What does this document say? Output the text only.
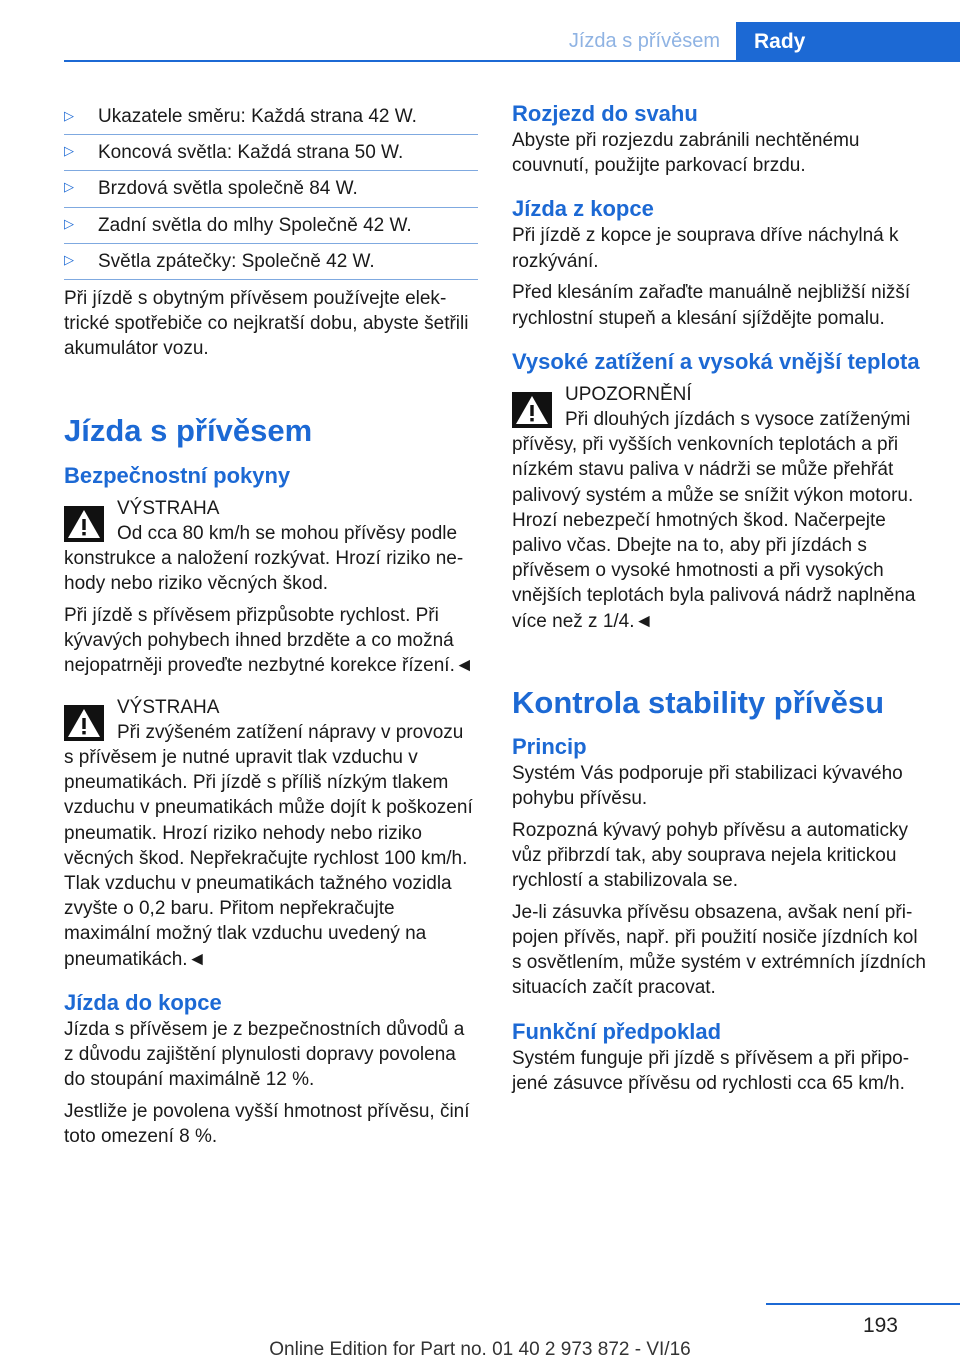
Jízda s přívěsem	Rady
▷ Ukazatele směru: Každá strana 42 W.
▷ Koncová světla: Každá strana 50 W.
▷ Brzdová světla společně 84 W.
▷ Zadní světla do mlhy Společně 42 W.
▷ Světla zpátečky: Společně 42 W.

Při jízdě s obytným přívěsem používejte elektrické spotřebiče co nejkratší dobu, abyste šetřili akumulátor vozu.

Jízda s přívěsem
Bezpečnostní pokyny
VÝSTRAHA

Od cca 80 km/h se mohou přívěsy podle konstrukce a naložení rozkývat. Hrozí riziko nehody nebo riziko věcných škod.

Při jízdě s přívěsem přizpůsobte rychlost. Při kývavých pohybech ihned brzděte a co možná nejopatrněji proveďte nezbytné korekce řízení.◄

VÝSTRAHA

Při zvýšeném zatížení nápravy v provozu s přívěsem je nutné upravit tlak vzduchu v pneumatikách. Při jízdě s příliš nízkým tlakem vzduchu v pneumatikách může dojít k poškození pneumatik. Hrozí riziko nehody nebo riziko věcných škod. Nepřekračujte rychlost 100 km/h. Tlak vzduchu v pneumatikách tažného vozidla zvyšte o 0,2 baru. Přitom nepřekračujte maximální možný tlak vzduchu uvedený na pneumatikách.◄

Jízda do kopce

Jízda s přívěsem je z bezpečnostních důvodů a z důvodu zajištění plynulosti dopravy povolena do stoupání maximálně 12 %.

Jestliže je povolena vyšší hmotnost přívěsu, činí toto omezení 8 %.

Rozjezd do svahu

Abyste při rozjezdu zabránili nechtěnému couvnutí, použijte parkovací brzdu.

Jízda z kopce

Při jízdě z kopce je souprava dříve náchylná k rozkývání.

Před klesáním zařaďte manuálně nejbližší nižší rychlostní stupeň a klesání sjíždějte pomalu.

Vysoké zatížení a vysoká vnější teplota
UPOZORNĚNÍ

Při dlouhých jízdách s vysoce zatíženými přívěsy, při vyšších venkovních teplotách a při nízkém stavu paliva v nádrži se může přehřát palivový systém a může se snížit výkon motoru. Hrozí nebezpečí hmotných škod. Načerpejte palivo včas. Dbejte na to, aby při jízdách s přívěsem o vysoké hmotnosti a při vysokých vnějších teplotách byla palivová nádrž naplněna více než z 1/4.◄

Kontrola stability přívěsu
Princip

Systém Vás podporuje při stabilizaci kývavého pohybu přívěsu.

Rozpozná kývavý pohyb přívěsu a automaticky vůz přibrzdí tak, aby souprava nejela kritickou rychlostí a stabilizovala se.

Je-li zásuvka přívěsu obsazena, avšak není připojen přívěs, např. při použití nosiče jízdních kol s osvětlením, může systém v extrémních jízdních situacích začít pracovat.

Funkční předpoklad

Systém funguje při jízdě s přívěsem a při připojené zásuvce přívěsu od rychlosti cca 65 km/h.

193
Online Edition for Part no. 01 40 2 973 872 - VI/16
